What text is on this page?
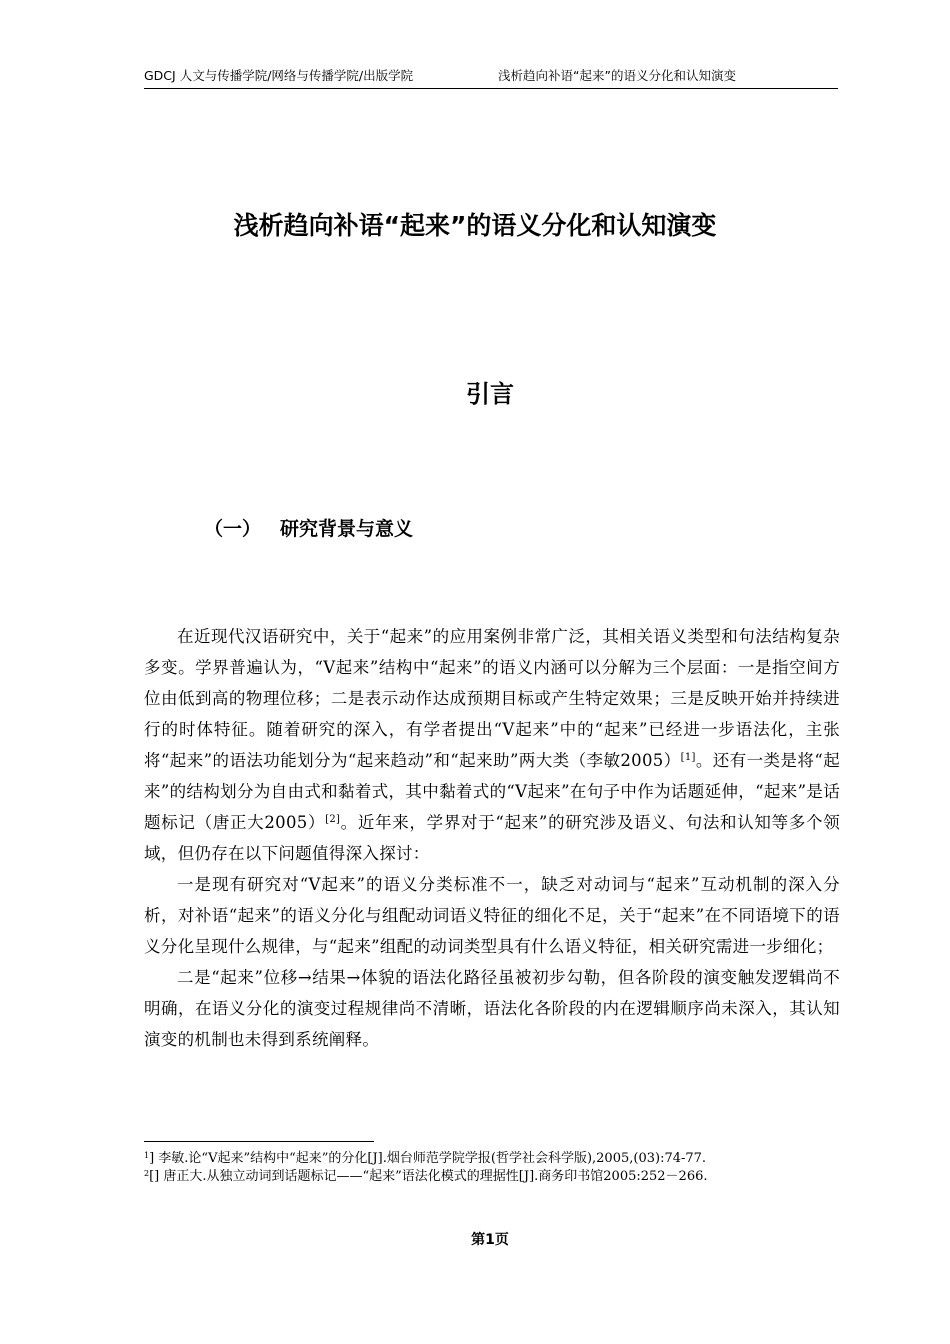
GDCJ 人文与传播学院/网络与传播学院/出版学院	浅析趋向补语“起来”的语义分化和认知演变
浅析趋向补语“起来”的语义分化和认知演变
引言
（一） 研究背景与意义

在近现代汉语研究中，关于“起来”的应用案例非常广泛，其相关语义类型和句法结构复杂多变。学界普遍认为，“V起来”结构中“起来”的语义内涵可以分解为三个层面：一是指空间方位由低到高的物理位移；二是表示动作达成预期目标或产生特定效果；三是反映开始并持续进行的时体特征。随着研究的深入，有学者提出“V起来”中的“起来”已经进一步语法化，主张将“起来”的语法功能划分为“起来趋动”和“起来助”两大类（李敏2005）[1]。还有一类是将“起来”的结构划分为自由式和黏着式，其中黏着式的“V起来”在句子中作为话题延伸，“起来”是话题标记（唐正大2005）[2]。近年来，学界对于“起来”的研究涉及语义、句法和认知等多个领域，但仍存在以下问题值得深入探讨：

一是现有研究对“V起来”的语义分类标准不一，缺乏对动词与“起来”互动机制的深入分析，对补语“起来”的语义分化与组配动词语义特征的细化不足，关于“起来”在不同语境下的语义分化呈现什么规律，与“起来”组配的动词类型具有什么语义特征，相关研究需进一步细化；

二是“起来”位移→结果→体貌的语法化路径虽被初步勾勒，但各阶段的演变触发逻辑尚不明确，在语义分化的演变过程规律尚不清晰，语法化各阶段的内在逻辑顺序尚未深入，其认知演变的机制也未得到系统阐释。

$^1$] 李敏.论“V起来”结构中“起来”的分化[J].烟台师范学院学报(哲学社会科学版),2005,(03):74-77.

$^2$[] 唐正大.从独立动词到话题标记——“起来”语法化模式的理据性[J].商务印书馆2005:252－266.

第1页
